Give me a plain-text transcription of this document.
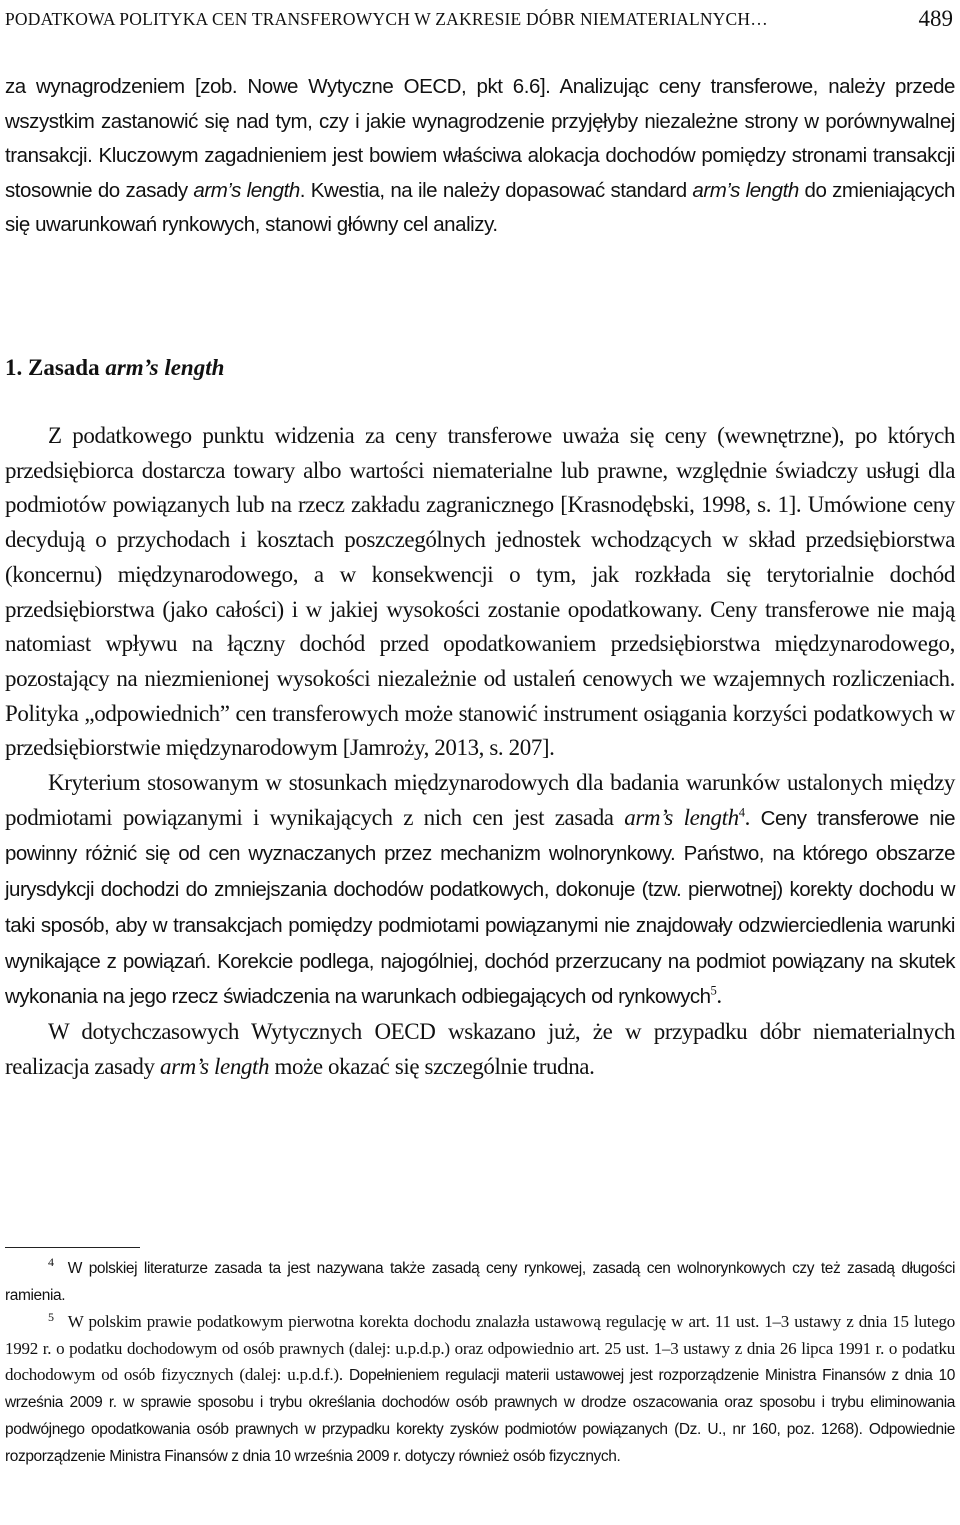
PODATKOWA POLITYKA CEN TRANSFEROWYCH W ZAKRESIE DÓBR NIEMATERIALNYCH…	489
za wynagrodzeniem [zob. Nowe Wytyczne OECD, pkt 6.6]. Analizując ceny transferowe, należy przede wszystkim zastanowić się nad tym, czy i jakie wynagrodzenie przyjęłyby niezależne strony w porównywalnej transakcji. Kluczowym zagadnieniem jest bowiem właściwa alokacja dochodów pomiędzy stronami transakcji stosownie do zasady arm’s length. Kwestia, na ile należy dopasować standard arm’s length do zmieniających się uwarunkowań rynkowych, stanowi główny cel analizy.
1. Zasada arm’s length

Z podatkowego punktu widzenia za ceny transferowe uważa się ceny (wewnętrzne), po których przedsiębiorca dostarcza towary albo wartości niematerialne lub prawne, względnie świadczy usługi dla podmiotów powiązanych lub na rzecz zakładu zagranicznego [Krasnodębski, 1998, s. 1]. Umówione ceny decydują o przychodach i kosztach poszczególnych jednostek wchodzących w skład przedsiębiorstwa (koncernu) międzynarodowego, a w konsekwencji o tym, jak rozkłada się terytorialnie dochód przedsiębiorstwa (jako całości) i w jakiej wysokości zostanie opodatkowany. Ceny transferowe nie mają natomiast wpływu na łączny dochód przed opodatkowaniem przedsiębiorstwa międzynarodowego, pozostający na niezmienionej wysokości niezależnie od ustaleń cenowych we wzajemnych rozliczeniach. Polityka „odpowiednich” cen transferowych może stanowić instrument osiągania korzyści podatkowych w przedsiębiorstwie międzynarodowym [Jamroży, 2013, s. 207].

Kryterium stosowanym w stosunkach międzynarodowych dla badania warunków ustalonych między podmiotami powiązanymi i wynikających z nich cen jest zasada arm’s length$^4$. Ceny transferowe nie powinny różnić się od cen wyznaczanych przez mechanizm wolnorynkowy. Państwo, na którego obszarze jurysdykcji dochodzi do zmniejszania dochodów podatkowych, dokonuje (tzw. pierwotnej) korekty dochodu w taki sposób, aby w transakcjach pomiędzy podmiotami powiązanymi nie znajdowały odzwierciedlenia warunki wynikające z powiązań. Korekcie podlega, najogólniej, dochód przerzucany na podmiot powiązany na skutek wykonania na jego rzecz świadczenia na warunkach odbiegających od rynkowych$^5$.

W dotychczasowych Wytycznych OECD wskazano już, że w przypadku dóbr niematerialnych realizacja zasady arm’s length może okazać się szczególnie trudna.

$^4$ W polskiej literaturze zasada ta jest nazywana także zasadą ceny rynkowej, zasadą cen wolnorynkowych czy też zasadą długości ramienia.

$^5$ W polskim prawie podatkowym pierwotna korekta dochodu znalazła ustawową regulację w art. 11 ust. 1–3 ustawy z dnia 15 lutego 1992 r. o podatku dochodowym od osób prawnych (dalej: u.p.d.p.) oraz odpowiednio art. 25 ust. 1–3 ustawy z dnia 26 lipca 1991 r. o podatku dochodowym od osób fizycznych (dalej: u.p.d.f.). Dopełnieniem regulacji materii ustawowej jest rozporządzenie Ministra Finansów z dnia 10 września 2009 r. w sprawie sposobu i trybu określania dochodów osób prawnych w drodze oszacowania oraz sposobu i trybu eliminowania podwójnego opodatkowania osób prawnych w przypadku korekty zysków podmiotów powiązanych (Dz. U., nr 160, poz. 1268). Odpowiednie rozporządzenie Ministra Finansów z dnia 10 września 2009 r. dotyczy również osób fizycznych.
